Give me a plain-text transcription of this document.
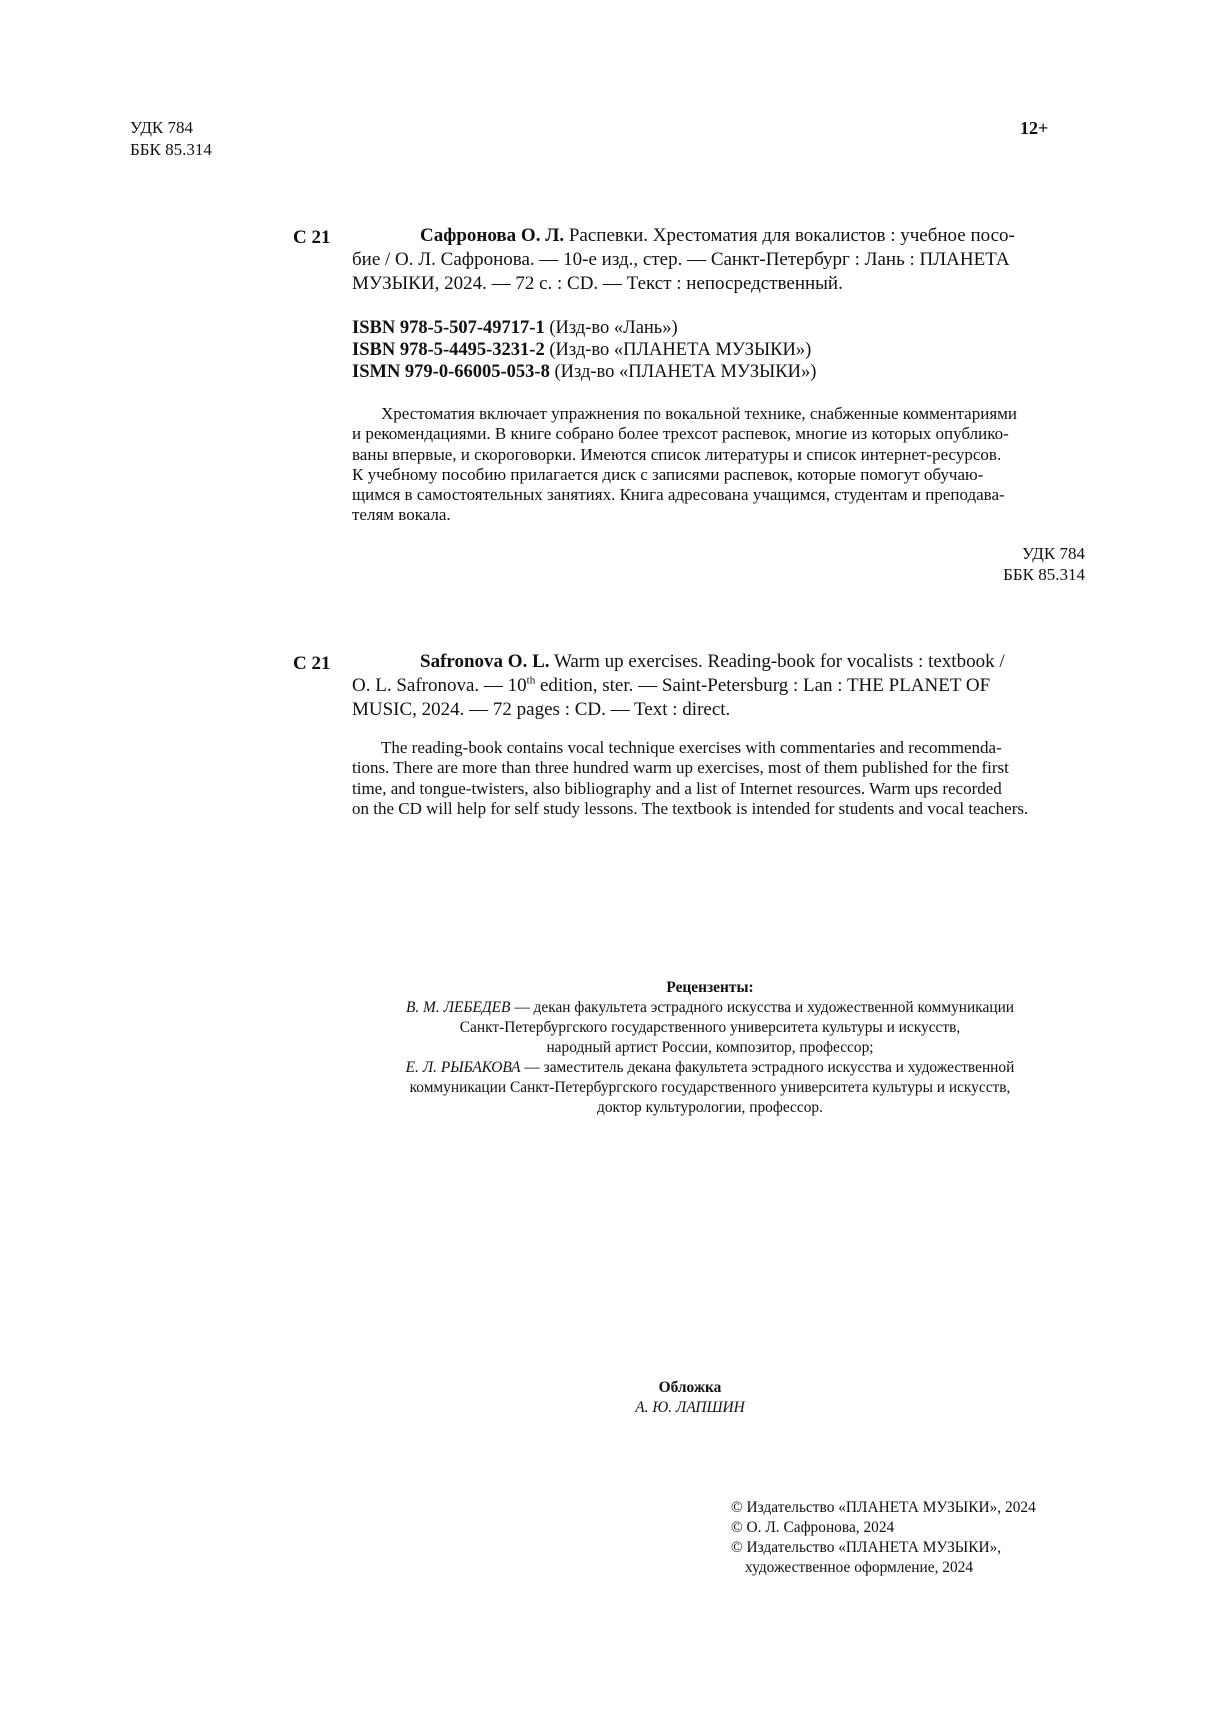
УДК 784
ББК 85.314
12+
С 21	Сафронова О. Л. Распевки. Хрестоматия для вокалистов : учебное посо-
бие / О. Л. Сафронова. — 10-е изд., стер. — Санкт-Петербург : Лань : ПЛАНЕТА
МУЗЫКИ, 2024. — 72 с. : CD. — Текст : непосредственный.
ISBN 978-5-507-49717-1 (Изд-во «Лань»)
ISBN 978-5-4495-3231-2 (Изд-во «ПЛАНЕТА МУЗЫКИ»)
ISMN 979-0-66005-053-8 (Изд-во «ПЛАНЕТА МУЗЫКИ»)
Хрестоматия включает упражнения по вокальной технике, снабженные комментариями
и рекомендациями. В книге собрано более трехсот распевок, многие из которых опублико-
ваны впервые, и скороговорки. Имеются список литературы и список интернет-ресурсов.
К учебному пособию прилагается диск с записями распевок, которые помогут обучаю-
щимся в самостоятельных занятиях. Книга адресована учащимся, студентам и преподава-
телям вокала.
УДК 784
ББК 85.314
С 21	Safronova O. L. Warm up exercises. Reading-book for vocalists : textbook /
O. L. Safronova. — 10th edition, ster. — Saint-Petersburg : Lan : THE PLANET OF
MUSIC, 2024. — 72 pages : CD. — Text : direct.
The reading-book contains vocal technique exercises with commentaries and recommenda-
tions. There are more than three hundred warm up exercises, most of them published for the first
time, and tongue-twisters, also bibliography and a list of Internet resources. Warm ups recorded
on the CD will help for self study lessons. The textbook is intended for students and vocal teachers.
Рецензенты:
В. М. ЛЕБЕДЕВ — декан факультета эстрадного искусства и художественной коммуникации
Санкт-Петербургского государственного университета культуры и искусств,
народный артист России, композитор, профессор;
Е. Л. РЫБАКОВА — заместитель декана факультета эстрадного искусства и художественной
коммуникации Санкт-Петербургского государственного университета культуры и искусств,
доктор культурологии, профессор.
Обложка
А. Ю. ЛАПШИН
© Издательство «ПЛАНЕТА МУЗЫКИ», 2024
© О. Л. Сафронова, 2024
© Издательство «ПЛАНЕТА МУЗЫКИ»,
художественное оформление, 2024
